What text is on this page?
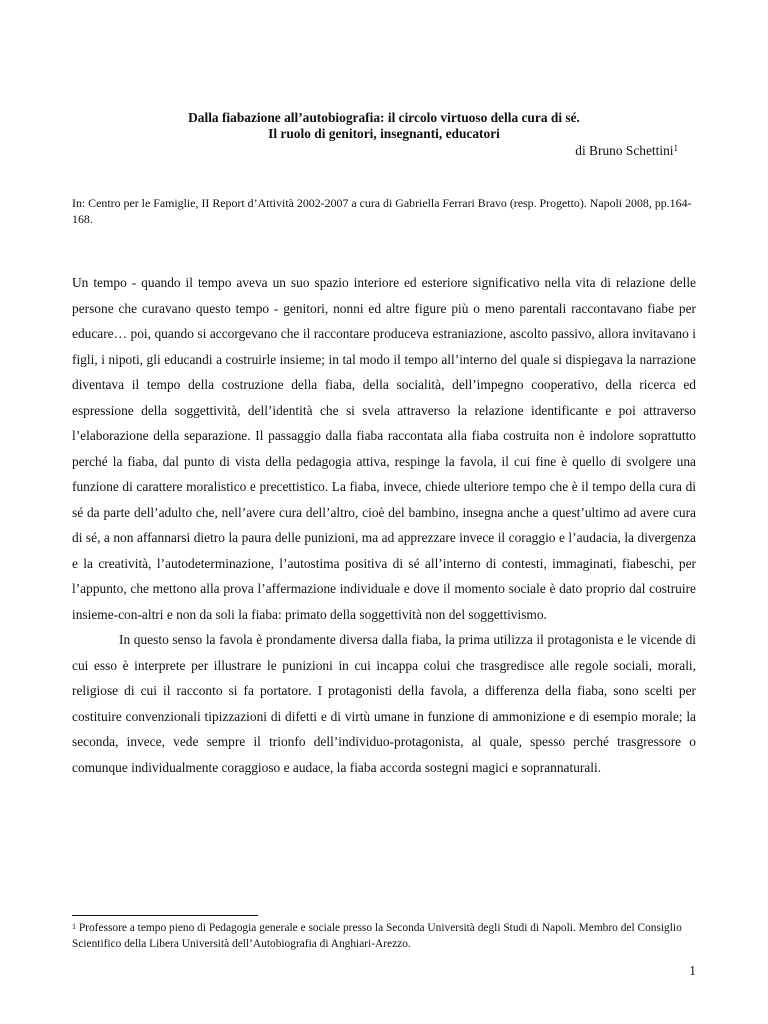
Dalla fiabazione all’autobiografia: il circolo virtuoso della cura di sé.

Il ruolo di genitori, insegnanti, educatori

di Bruno Schettini$^1$

In: Centro per le Famiglie, II Report d’Attività 2002-2007 a cura di Gabriella Ferrari Bravo (resp. Progetto). Napoli 2008, pp.164-168.

Un tempo - quando il tempo aveva un suo spazio interiore ed esteriore significativo nella vita di relazione delle persone che curavano questo tempo - genitori, nonni ed altre figure più o meno parentali raccontavano fiabe per educare… poi, quando si accorgevano che il raccontare produceva estraniazione, ascolto passivo, allora invitavano i figli, i nipoti, gli educandi a costruirle insieme; in tal modo il tempo all’interno del quale si dispiegava la narrazione diventava il tempo della costruzione della fiaba, della socialità, dell’impegno cooperativo, della ricerca ed espressione della soggettività, dell’identità che si svela attraverso la relazione identificante e poi attraverso l’elaborazione della separazione. Il passaggio dalla fiaba raccontata alla fiaba costruita non è indolore soprattutto perché la fiaba, dal punto di vista della pedagogia attiva, respinge la favola, il cui fine è quello di svolgere una funzione di carattere moralistico e precettistico. La fiaba, invece, chiede ulteriore tempo che è il tempo della cura di sé da parte dell’adulto che, nell’avere cura dell’altro, cioè del bambino, insegna anche a quest’ultimo ad avere cura di sé, a non affannarsi dietro la paura delle punizioni, ma ad apprezzare invece il coraggio e l’audacia, la divergenza e la creatività, l’autodeterminazione, l’autostima positiva di sé all’interno di contesti, immaginati, fiabeschi, per l’appunto, che mettono alla prova l’affermazione individuale e dove il momento sociale è dato proprio dal costruire insieme-con-altri e non da soli la fiaba: primato della soggettività non del soggettivismo.

In questo senso la favola è prondamente diversa dalla fiaba, la prima utilizza il protagonista e le vicende di cui esso è interprete per illustrare le punizioni in cui incappa colui che trasgredisce alle regole sociali, morali, religiose di cui il racconto si fa portatore. I protagonisti della favola, a differenza della fiaba, sono scelti per costituire convenzionali tipizzazioni di difetti e di virtù umane in funzione di ammonizione e di esempio morale; la seconda, invece, vede sempre il trionfo dell’individuo-protagonista, al quale, spesso perché trasgressore o comunque individualmente coraggioso e audace, la fiaba accorda sostegni magici e soprannaturali.

$^1$ Professore a tempo pieno di Pedagogia generale e sociale presso la Seconda Università degli Studi di Napoli. Membro del Consiglio Scientifico della Libera Università dell’Autobiografia di Anghiari-Arezzo.

1
